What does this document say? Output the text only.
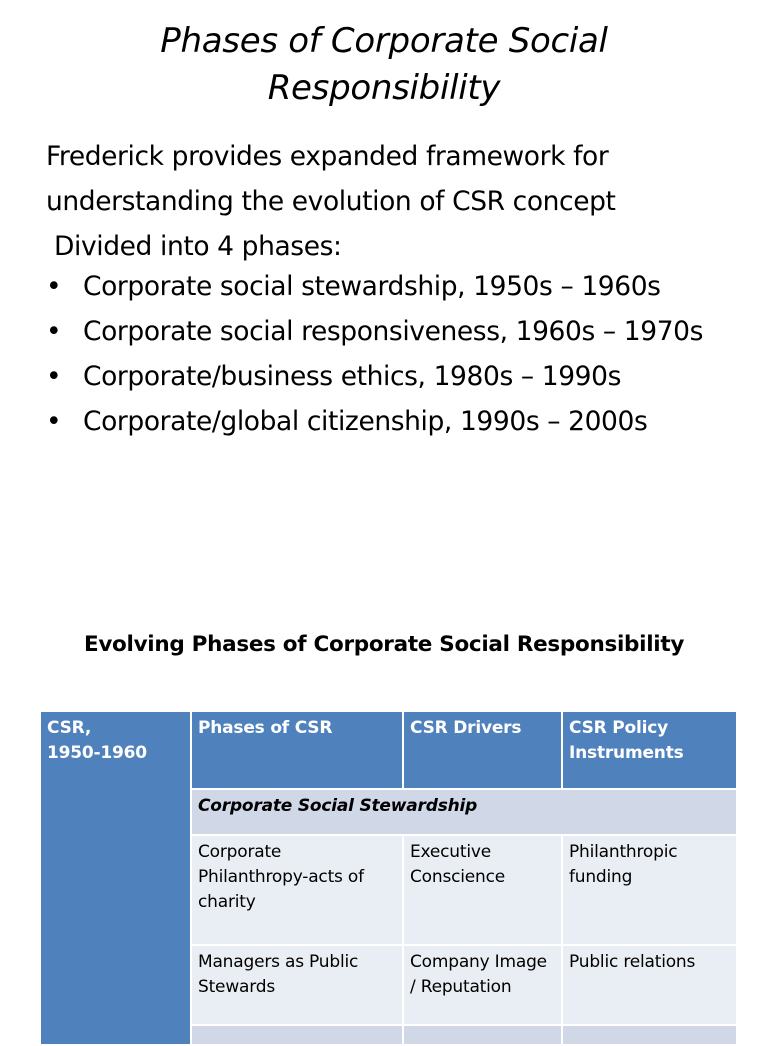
Phases of Corporate Social
Responsibility
Frederick provides expanded framework for
understanding the evolution of CSR concept
Divided into 4 phases:
• Corporate social stewardship, 1950s – 1960s
• Corporate social responsiveness, 1960s – 1970s
• Corporate/business ethics, 1980s – 1990s
• Corporate/global citizenship, 1990s – 2000s
Evolving Phases of Corporate Social Responsibility
CSR,
1950-1960	Phases of CSR	CSR Drivers	CSR Policy Instruments
	Corporate Social Stewardship		
	Corporate Philanthropy-acts of charity	Executive Conscience	Philanthropic funding
	Managers as Public Stewards	Company Image / Reputation	Public relations
